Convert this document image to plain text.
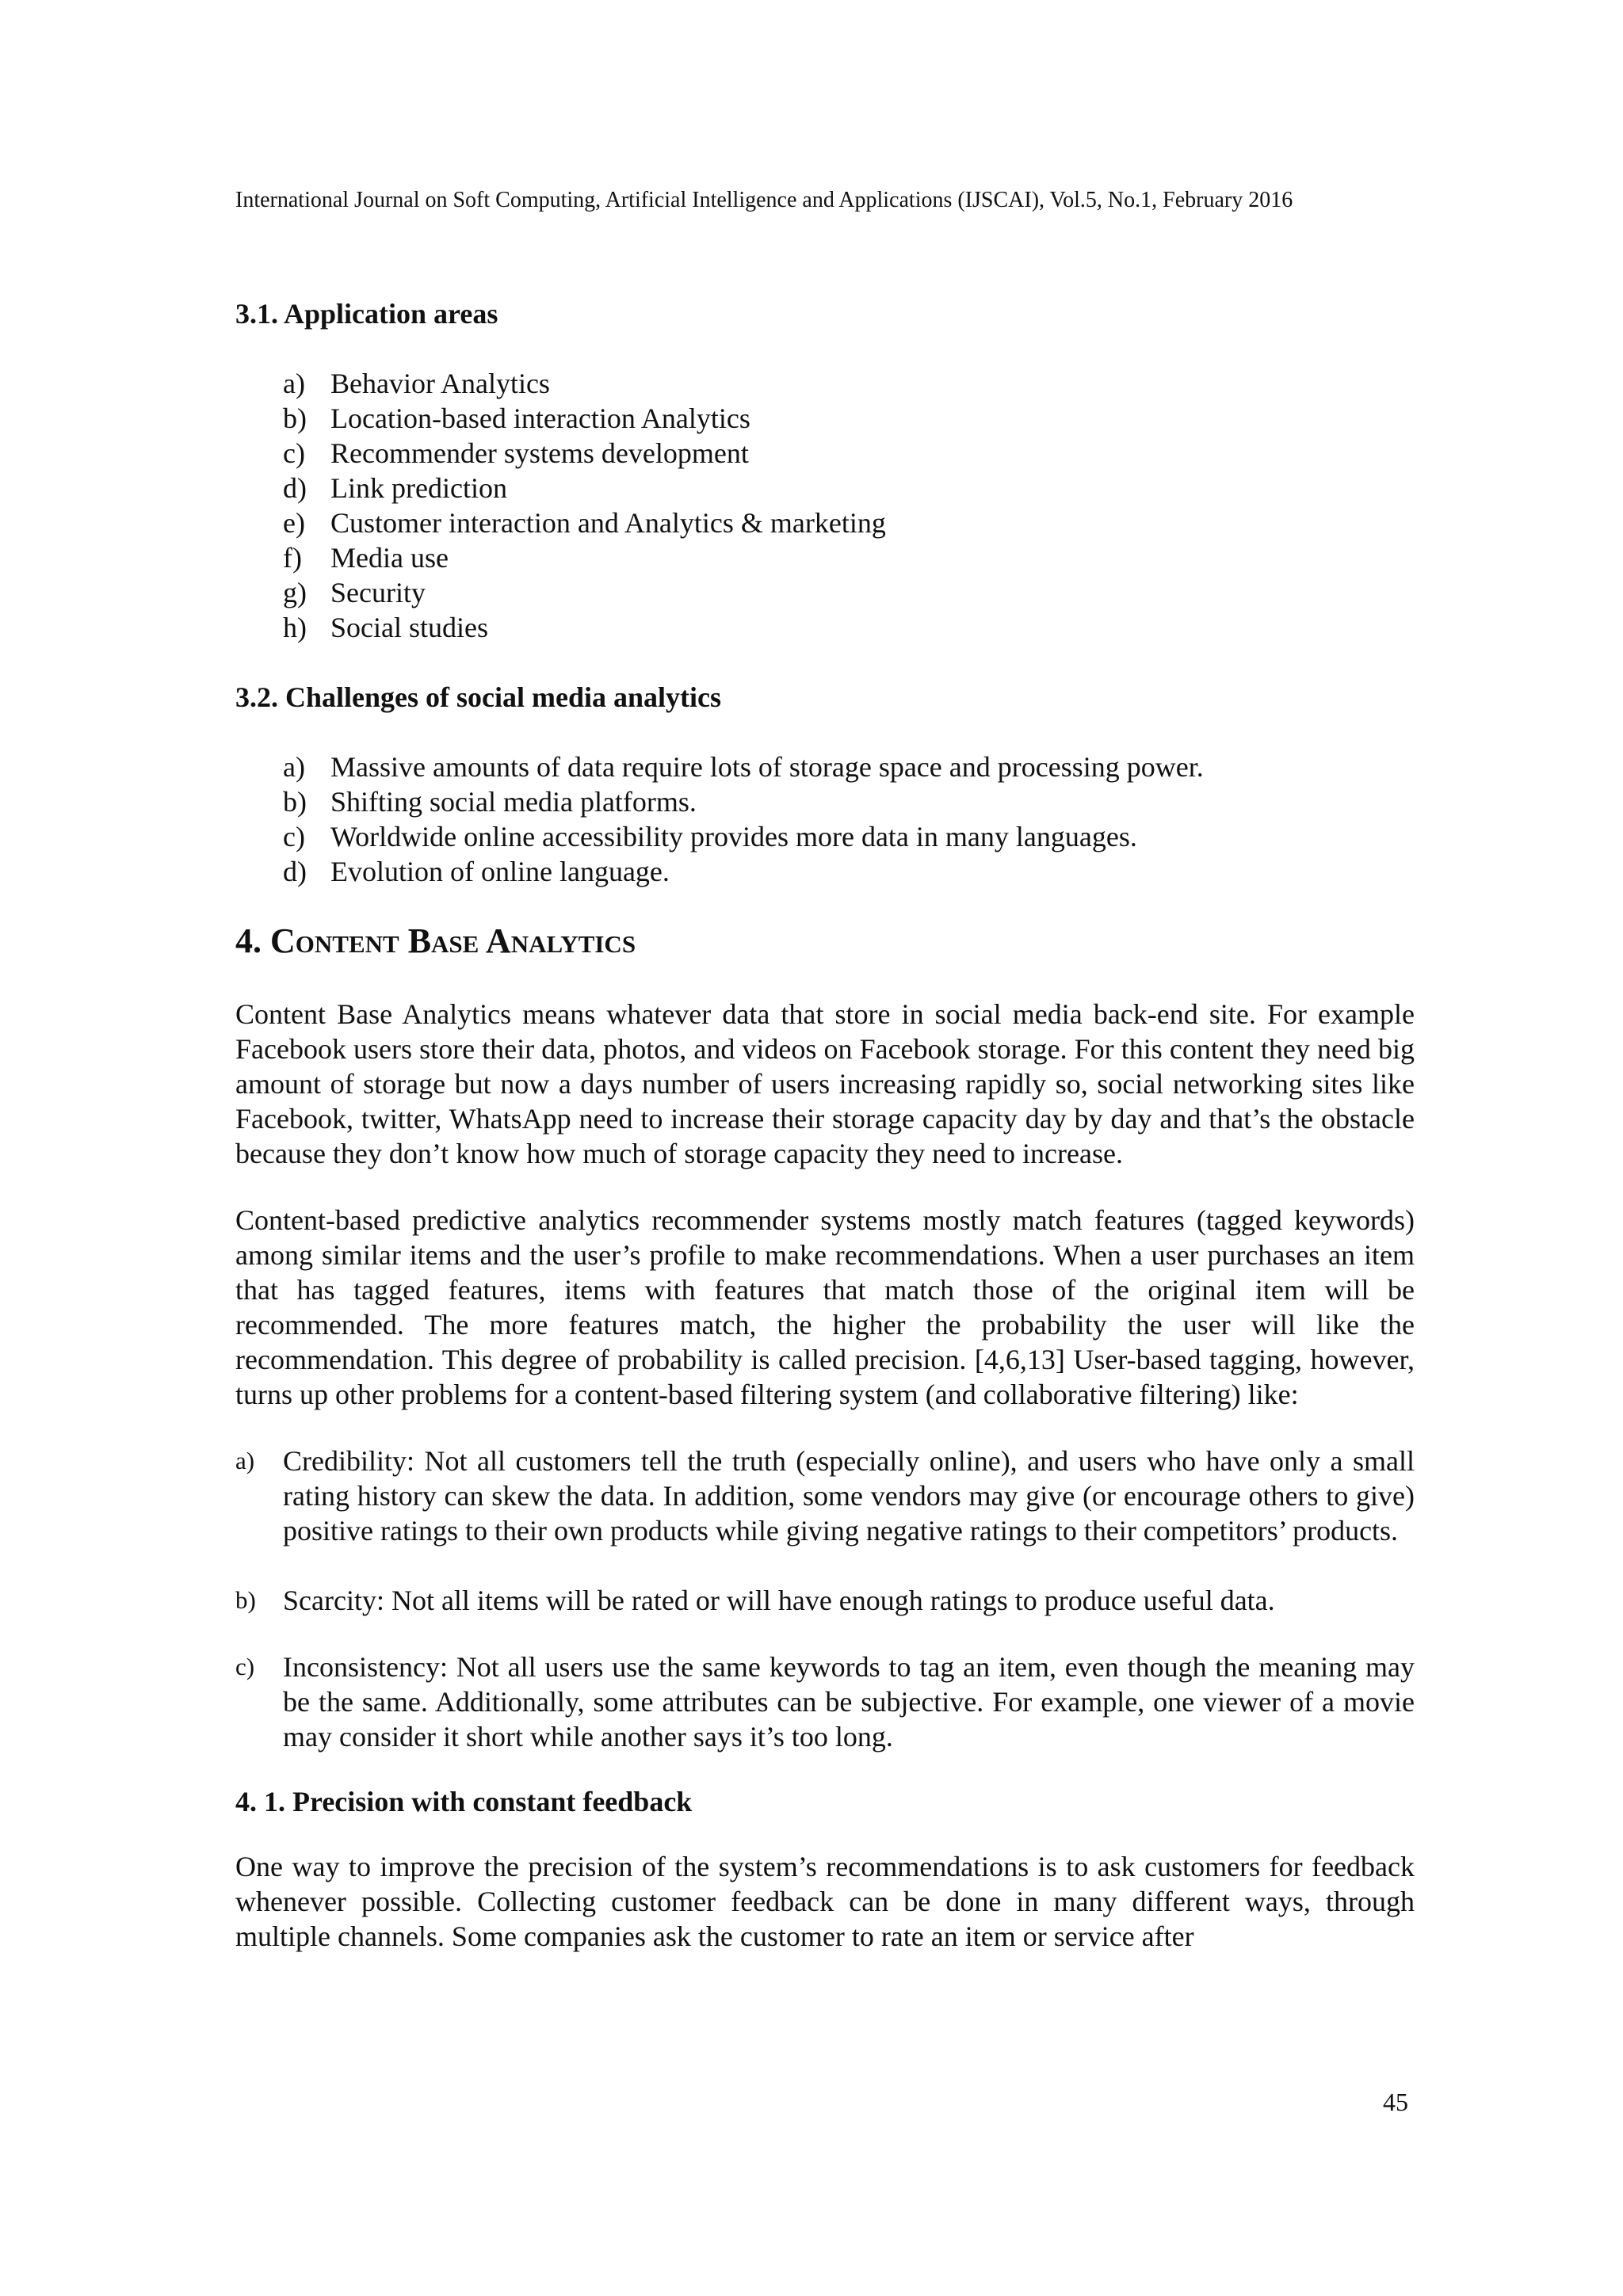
International Journal on Soft Computing, Artificial Intelligence and Applications (IJSCAI), Vol.5, No.1, February 2016
3.1. Application areas
a) Behavior Analytics
b) Location-based interaction Analytics
c) Recommender systems development
d) Link prediction
e) Customer interaction and Analytics & marketing
f)	Media use
g) Security
h) Social studies
3.2. Challenges of social media analytics
a) Massive amounts of data require lots of storage space and processing power.
b) Shifting social media platforms.
c) Worldwide online accessibility provides more data in many languages.
d) Evolution of online language.
4. Content Base Analytics

Content Base Analytics means whatever data that store in social media back-end site. For example Facebook users store their data, photos, and videos on Facebook storage. For this content they need big amount of storage but now a days number of users increasing rapidly so, social networking sites like Facebook, twitter, WhatsApp need to increase their storage capacity day by day and that’s the obstacle because they don’t know how much of storage capacity they need to increase.

Content-based predictive analytics recommender systems mostly match features (tagged keywords) among similar items and the user’s profile to make recommendations. When a user purchases an item that has tagged features, items with features that match those of the original item will be recommended. The more features match, the higher the probability the user will like the recommendation. This degree of probability is called precision. [4,6,13] User-based tagging, however, turns up other problems for a content-based filtering system (and collaborative filtering) like:

a) Credibility: Not all customers tell the truth (especially online), and users who have only a small rating history can skew the data. In addition, some vendors may give (or encourage others to give) positive ratings to their own products while giving negative ratings to their competitors’ products.
b) Scarcity: Not all items will be rated or will have enough ratings to produce useful data.
c) Inconsistency: Not all users use the same keywords to tag an item, even though the meaning may be the same. Additionally, some attributes can be subjective. For example, one viewer of a movie may consider it short while another says it’s too long.
4. 1. Precision with constant feedback

One way to improve the precision of the system’s recommendations is to ask customers for feedback whenever possible. Collecting customer feedback can be done in many different ways, through multiple channels. Some companies ask the customer to rate an item or service after

45
